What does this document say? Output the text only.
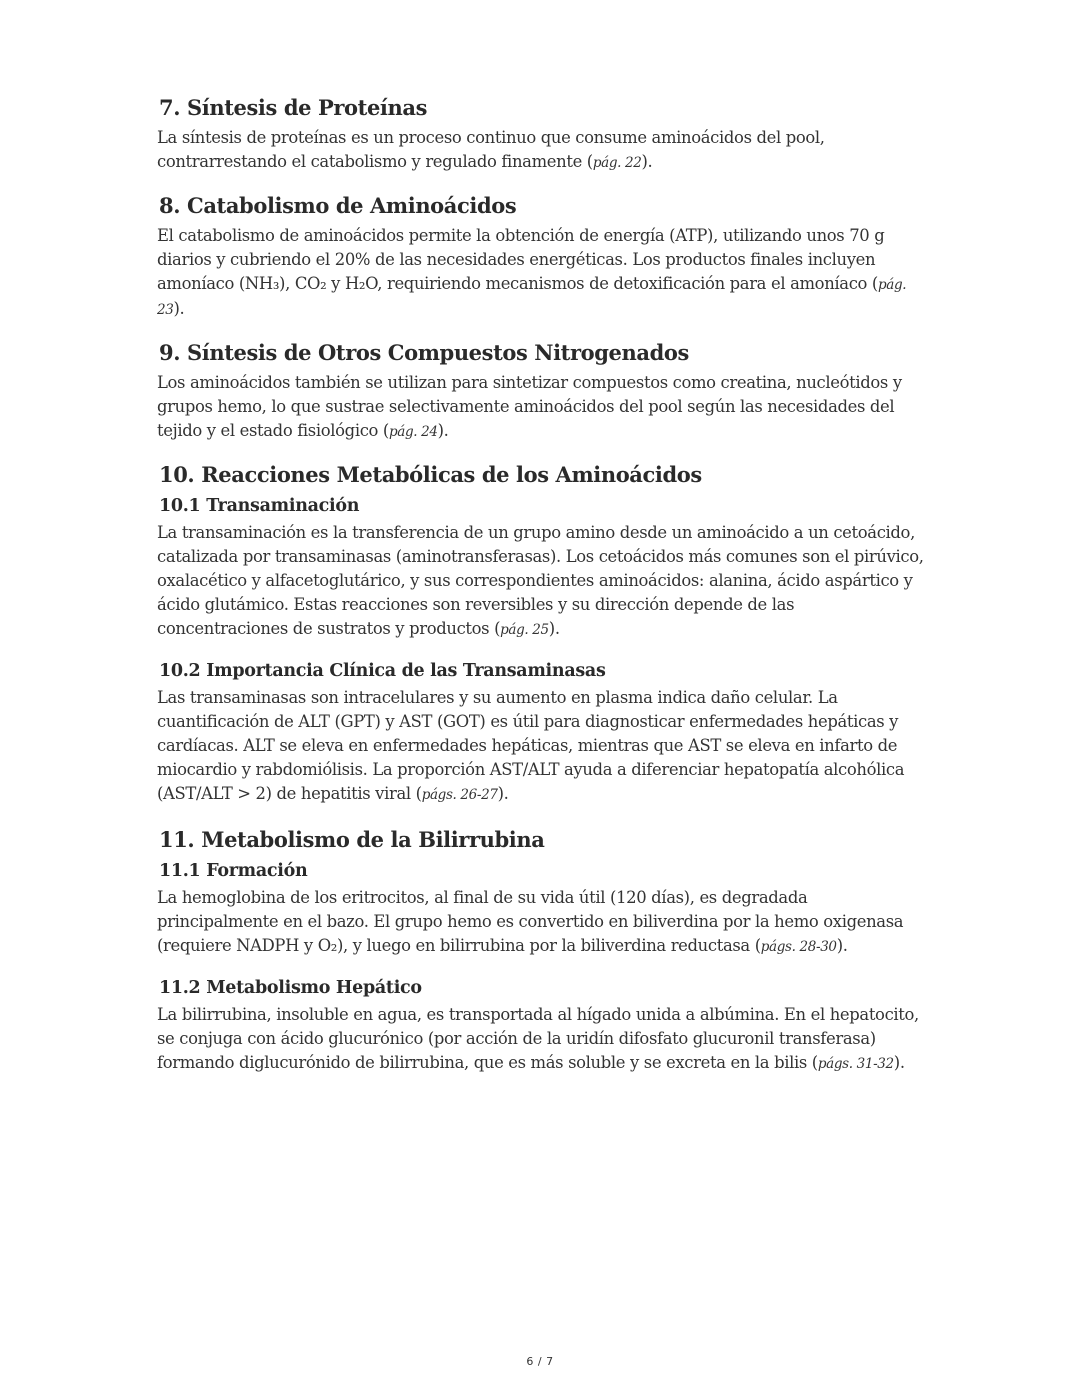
7. Síntesis de Proteínas

La síntesis de proteínas es un proceso continuo que consume aminoácidos del pool, contrarrestando el catabolismo y regulado finamente (pág. 22).

8. Catabolismo de Aminoácidos

El catabolismo de aminoácidos permite la obtención de energía (ATP), utilizando unos 70 g diarios y cubriendo el 20% de las necesidades energéticas. Los productos finales incluyen amoníaco (NH₃), CO₂ y H₂O, requiriendo mecanismos de detoxificación para el amoníaco (pág. 23).

9. Síntesis de Otros Compuestos Nitrogenados

Los aminoácidos también se utilizan para sintetizar compuestos como creatina, nucleótidos y grupos hemo, lo que sustrae selectivamente aminoácidos del pool según las necesidades del tejido y el estado fisiológico (pág. 24).

10. Reacciones Metabólicas de los Aminoácidos
10.1 Transaminación

La transaminación es la transferencia de un grupo amino desde un aminoácido a un cetoácido, catalizada por transaminasas (aminotransferasas). Los cetoácidos más comunes son el pirúvico, oxalacético y alfacetoglutárico, y sus correspondientes aminoácidos: alanina, ácido aspártico y ácido glutámico. Estas reacciones son reversibles y su dirección depende de las concentraciones de sustratos y productos (pág. 25).

10.2 Importancia Clínica de las Transaminasas

Las transaminasas son intracelulares y su aumento en plasma indica daño celular. La cuantificación de ALT (GPT) y AST (GOT) es útil para diagnosticar enfermedades hepáticas y cardíacas. ALT se eleva en enfermedades hepáticas, mientras que AST se eleva en infarto de miocardio y rabdomiólisis. La proporción AST/ALT ayuda a diferenciar hepatopatía alcohólica (AST/ALT > 2) de hepatitis viral (págs. 26-27).

11. Metabolismo de la Bilirrubina
11.1 Formación

La hemoglobina de los eritrocitos, al final de su vida útil (120 días), es degradada principalmente en el bazo. El grupo hemo es convertido en biliverdina por la hemo oxigenasa (requiere NADPH y O₂), y luego en bilirrubina por la biliverdina reductasa (págs. 28-30).

11.2 Metabolismo Hepático

La bilirrubina, insoluble en agua, es transportada al hígado unida a albúmina. En el hepatocito, se conjuga con ácido glucurónico (por acción de la uridín difosfato glucuronil transferasa) formando diglucurónido de bilirrubina, que es más soluble y se excreta en la bilis (págs. 31-32).

6 / 7
